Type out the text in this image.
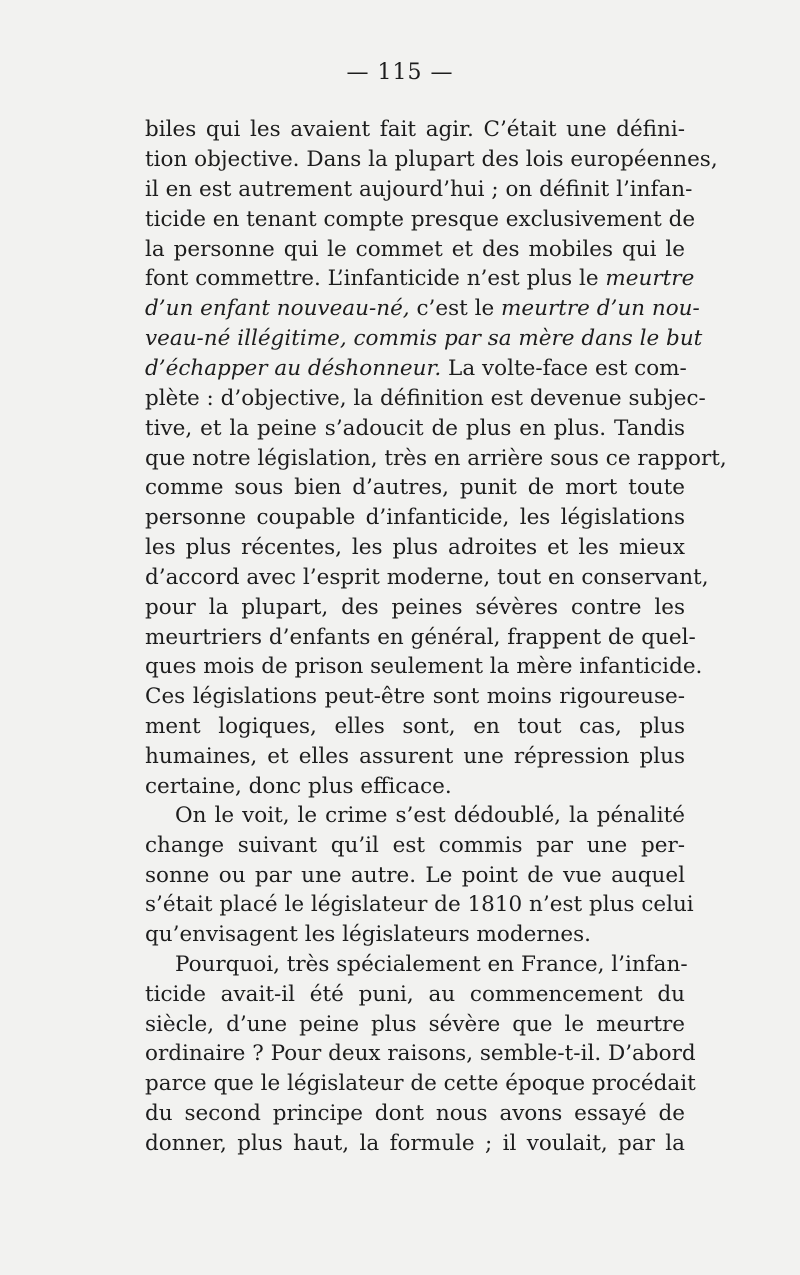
— 115 —
biles qui les avaient fait agir. C’était une défini-
tion objective. Dans la plupart des lois européennes,
il en est autrement aujourd’hui ; on définit l’infan-
ticide en tenant compte presque exclusivement de
la personne qui le commet et des mobiles qui le
font commettre. L’infanticide n’est plus le meurtre
d’un enfant nouveau-né, c’est le meurtre d’un nou-
veau-né illégitime, commis par sa mère dans le but
d’échapper au déshonneur. La volte-face est com-
plète : d’objective, la définition est devenue subjec-
tive, et la peine s’adoucit de plus en plus. Tandis
que notre législation, très en arrière sous ce rapport,
comme sous bien d’autres, punit de mort toute
personne coupable d’infanticide, les législations
les plus récentes, les plus adroites et les mieux
d’accord avec l’esprit moderne, tout en conservant,
pour la plupart, des peines sévères contre les
meurtriers d’enfants en général, frappent de quel-
ques mois de prison seulement la mère infanticide.
Ces législations peut-être sont moins rigoureuse-
ment logiques, elles sont, en tout cas, plus
humaines, et elles assurent une répression plus
certaine, donc plus efficace.
On le voit, le crime s’est dédoublé, la pénalité
change suivant qu’il est commis par une per-
sonne ou par une autre. Le point de vue auquel
s’était placé le législateur de 1810 n’est plus celui
qu’envisagent les législateurs modernes.
Pourquoi, très spécialement en France, l’infan-
ticide avait-il été puni, au commencement du
siècle, d’une peine plus sévère que le meurtre
ordinaire ? Pour deux raisons, semble-t-il. D’abord
parce que le législateur de cette époque procédait
du second principe dont nous avons essayé de
donner, plus haut, la formule ; il voulait, par la
